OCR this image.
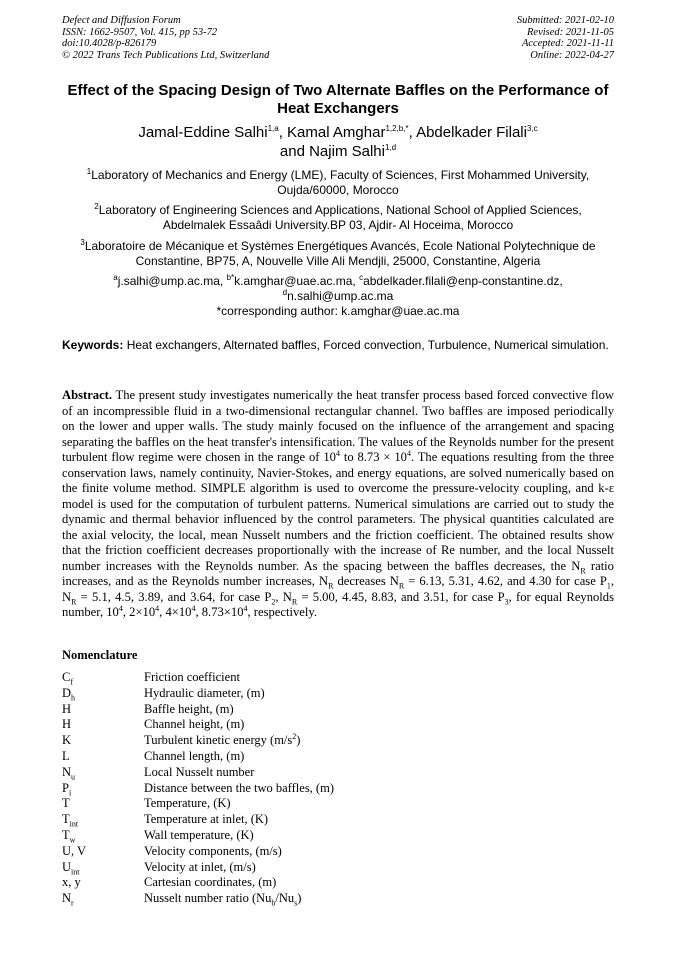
Defect and Diffusion Forum
ISSN: 1662-9507, Vol. 415, pp 53-72
doi:10.4028/p-826179
© 2022 Trans Tech Publications Ltd, Switzerland
Submitted: 2021-02-10
Revised: 2021-11-05
Accepted: 2021-11-11
Online: 2022-04-27
Effect of the Spacing Design of Two Alternate Baffles on the Performance of Heat Exchangers
Jamal-Eddine Salhi$^{1,a}$, Kamal Amghar$^{1,2,b,*}$, Abdelkader Filali$^{3,c}$
and Najim Salhi$^{1,d}$
$^1$Laboratory of Mechanics and Energy (LME), Faculty of Sciences, First Mohammed University, Oujda/60000, Morocco
$^2$Laboratory of Engineering Sciences and Applications, National School of Applied Sciences, Abdelmalek Essaâdi University.BP 03, Ajdir- Al Hoceima, Morocco
$^3$Laboratoire de Mécanique et Systèmes Energétiques Avancés, Ecole National Polytechnique de Constantine, BP75, A, Nouvelle Ville Ali Mendjli, 25000, Constantine, Algeria
$^a$j.salhi@ump.ac.ma, $^{b*}$k.amghar@uae.ac.ma, $^c$abdelkader.filali@enp-constantine.dz,
$^d$n.salhi@ump.ac.ma
*corresponding author: k.amghar@uae.ac.ma
Keywords: Heat exchangers, Alternated baffles, Forced convection, Turbulence, Numerical simulation.
Abstract. The present study investigates numerically the heat transfer process based forced convective flow of an incompressible fluid in a two-dimensional rectangular channel. Two baffles are imposed periodically on the lower and upper walls. The study mainly focused on the influence of the arrangement and spacing separating the baffles on the heat transfer's intensification. The values of the Reynolds number for the present turbulent flow regime were chosen in the range of $10^4$ to $8.73 \times 10^4$. The equations resulting from the three conservation laws, namely continuity, Navier-Stokes, and energy equations, are solved numerically based on the finite volume method. SIMPLE algorithm is used to overcome the pressure-velocity coupling, and k-ε model is used for the computation of turbulent patterns. Numerical simulations are carried out to study the dynamic and thermal behavior influenced by the control parameters. The physical quantities calculated are the axial velocity, the local, mean Nusselt numbers and the friction coefficient. The obtained results show that the friction coefficient decreases proportionally with the increase of Re number, and the local Nusselt number increases with the Reynolds number. As the spacing between the baffles decreases, the $N_R$ ratio increases, and as the Reynolds number increases, $N_R$ decreases $N_R = 6.13$, 5.31, 4.62, and 4.30 for case $P_1$, $N_R = 5.1$, 4.5, 3.89, and 3.64, for case $P_2$, $N_R = 5.00$, 4.45, 8.83, and 3.51, for case $P_3$, for equal Reynolds number, $10^4$, $2\times 10^4$, $4\times 10^4$, $8.73\times 10^4$, respectively.
Nomenclature
$C_f$	Friction coefficient
$D_h$	Hydraulic diameter, (m)
H	Baffle height, (m)
H	Channel height, (m)
K	Turbulent kinetic energy $(m/s^2)$
L	Channel length, (m)
$N_u$	Local Nusselt number
$P_i$	Distance between the two baffles, (m)
T	Temperature, (K)
$T_{int}$	Temperature at inlet, (K)
$T_w$	Wall temperature, (K)
U, V	Velocity components, (m/s)
$U_{int}$	Velocity at inlet, (m/s)
x, y	Cartesian coordinates, (m)
$N_r$	Nusselt number ratio $(Nu_b/Nu_s)$
